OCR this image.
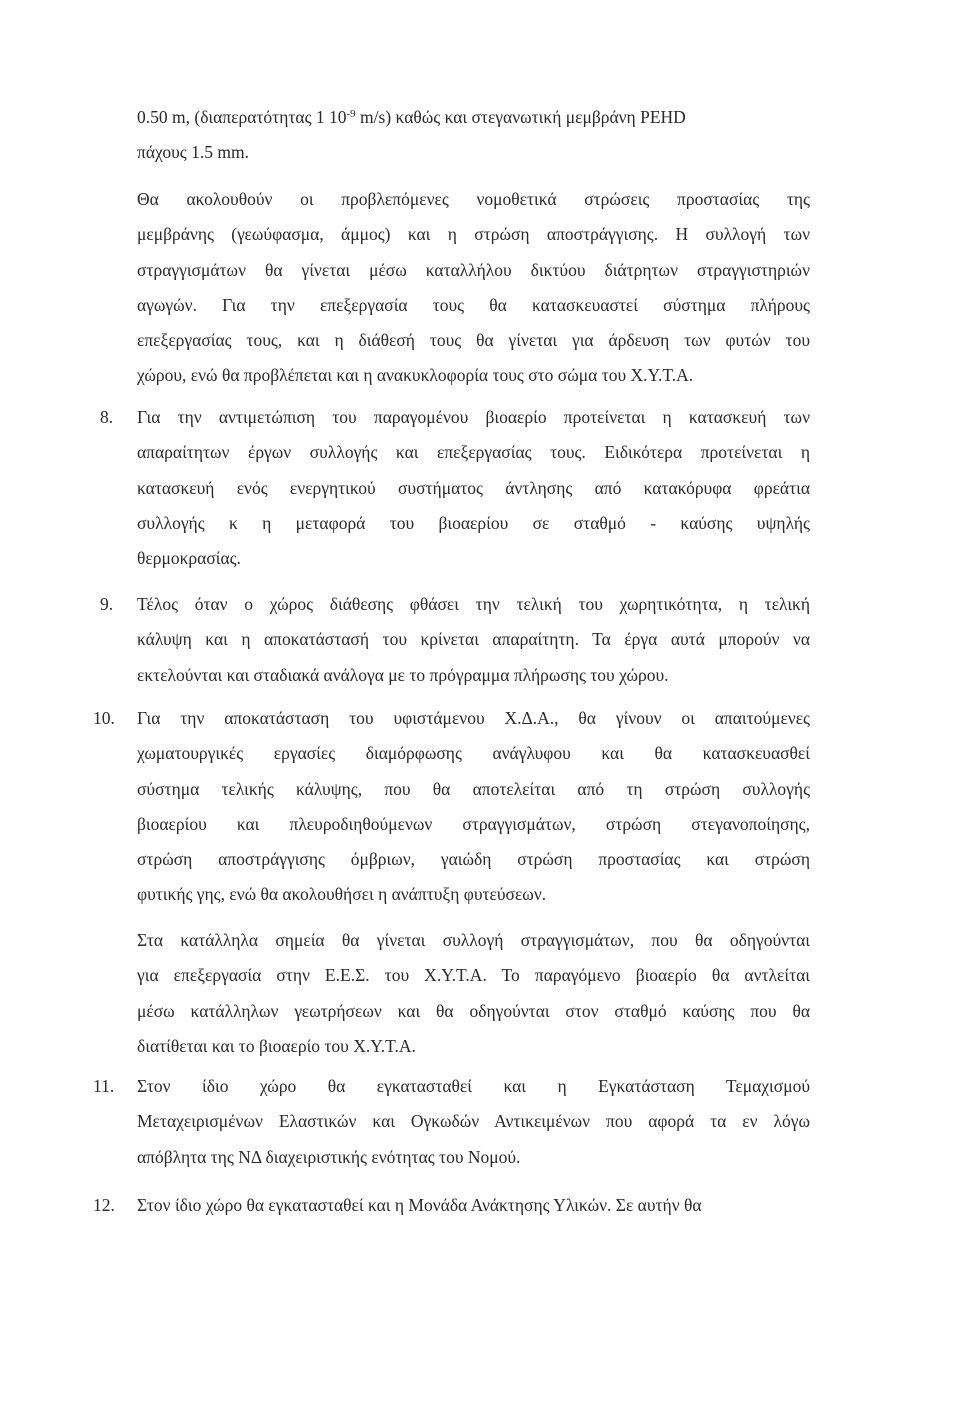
0.50 m, (διαπερατότητας 1 $10^{-9}$ m/s) καθώς και στεγανωτική μεμβράνη PEHD
πάχους 1.5 mm.
Θα ακολουθούν οι προβλεπόμενες νομοθετικά στρώσεις προστασίας της
μεμβράνης (γεωύφασμα, άμμος) και η στρώση αποστράγγισης. Η συλλογή των
στραγγισμάτων θα γίνεται μέσω καταλλήλου δικτύου διάτρητων στραγγιστηριών
αγωγών. Για την επεξεργασία τους θα κατασκευαστεί σύστημα πλήρους
επεξεργασίας τους, και η διάθεσή τους θα γίνεται για άρδευση των φυτών του
χώρου, ενώ θα προβλέπεται και η ανακυκλοφορία τους στο σώμα του Χ.Υ.Τ.Α.
8. Για την αντιμετώπιση του παραγομένου βιοαερίο προτείνεται η κατασκευή των
απαραίτητων έργων συλλογής και επεξεργασίας τους. Ειδικότερα προτείνεται η
κατασκευή ενός ενεργητικού συστήματος άντλησης από κατακόρυφα φρεάτια
συλλογής κ η μεταφορά του βιοαερίου σε σταθμό - καύσης υψηλής
θερμοκρασίας.
9. Τέλος όταν ο χώρος διάθεσης φθάσει την τελική του χωρητικότητα, η τελική
κάλυψη και η αποκατάστασή του κρίνεται απαραίτητη. Τα έργα αυτά μπορούν να
εκτελούνται και σταδιακά ανάλογα με το πρόγραμμα πλήρωσης του χώρου.
10. Για την αποκατάσταση του υφιστάμενου Χ.Δ.Α., θα γίνουν οι απαιτούμενες
χωματουργικές εργασίες διαμόρφωσης ανάγλυφου και θα κατασκευασθεί
σύστημα τελικής κάλυψης, που θα αποτελείται από τη στρώση συλλογής
βιοαερίου και πλευροδιηθούμενων στραγγισμάτων, στρώση στεγανοποίησης,
στρώση αποστράγγισης όμβριων, γαιώδη στρώση προστασίας και στρώση
φυτικής γης, ενώ θα ακολουθήσει η ανάπτυξη φυτεύσεων.
Στα κατάλληλα σημεία θα γίνεται συλλογή στραγγισμάτων, που θα οδηγούνται
για επεξεργασία στην Ε.Ε.Σ. του Χ.Υ.Τ.Α. Το παραγόμενο βιοαερίο θα αντλείται
μέσω κατάλληλων γεωτρήσεων και θα οδηγούνται στον σταθμό καύσης που θα
διατίθεται και το βιοαερίο του Χ.Υ.Τ.Α.
11. Στον ίδιο χώρο θα εγκατασταθεί και η Εγκατάσταση Τεμαχισμού
Μεταχειρισμένων Ελαστικών και Ογκωδών Αντικειμένων που αφορά τα εν λόγω
απόβλητα της ΝΔ διαχειριστικής ενότητας του Νομού.
12. Στον ίδιο χώρο θα εγκατασταθεί και η Μονάδα Ανάκτησης Υλικών. Σε αυτήν θα
